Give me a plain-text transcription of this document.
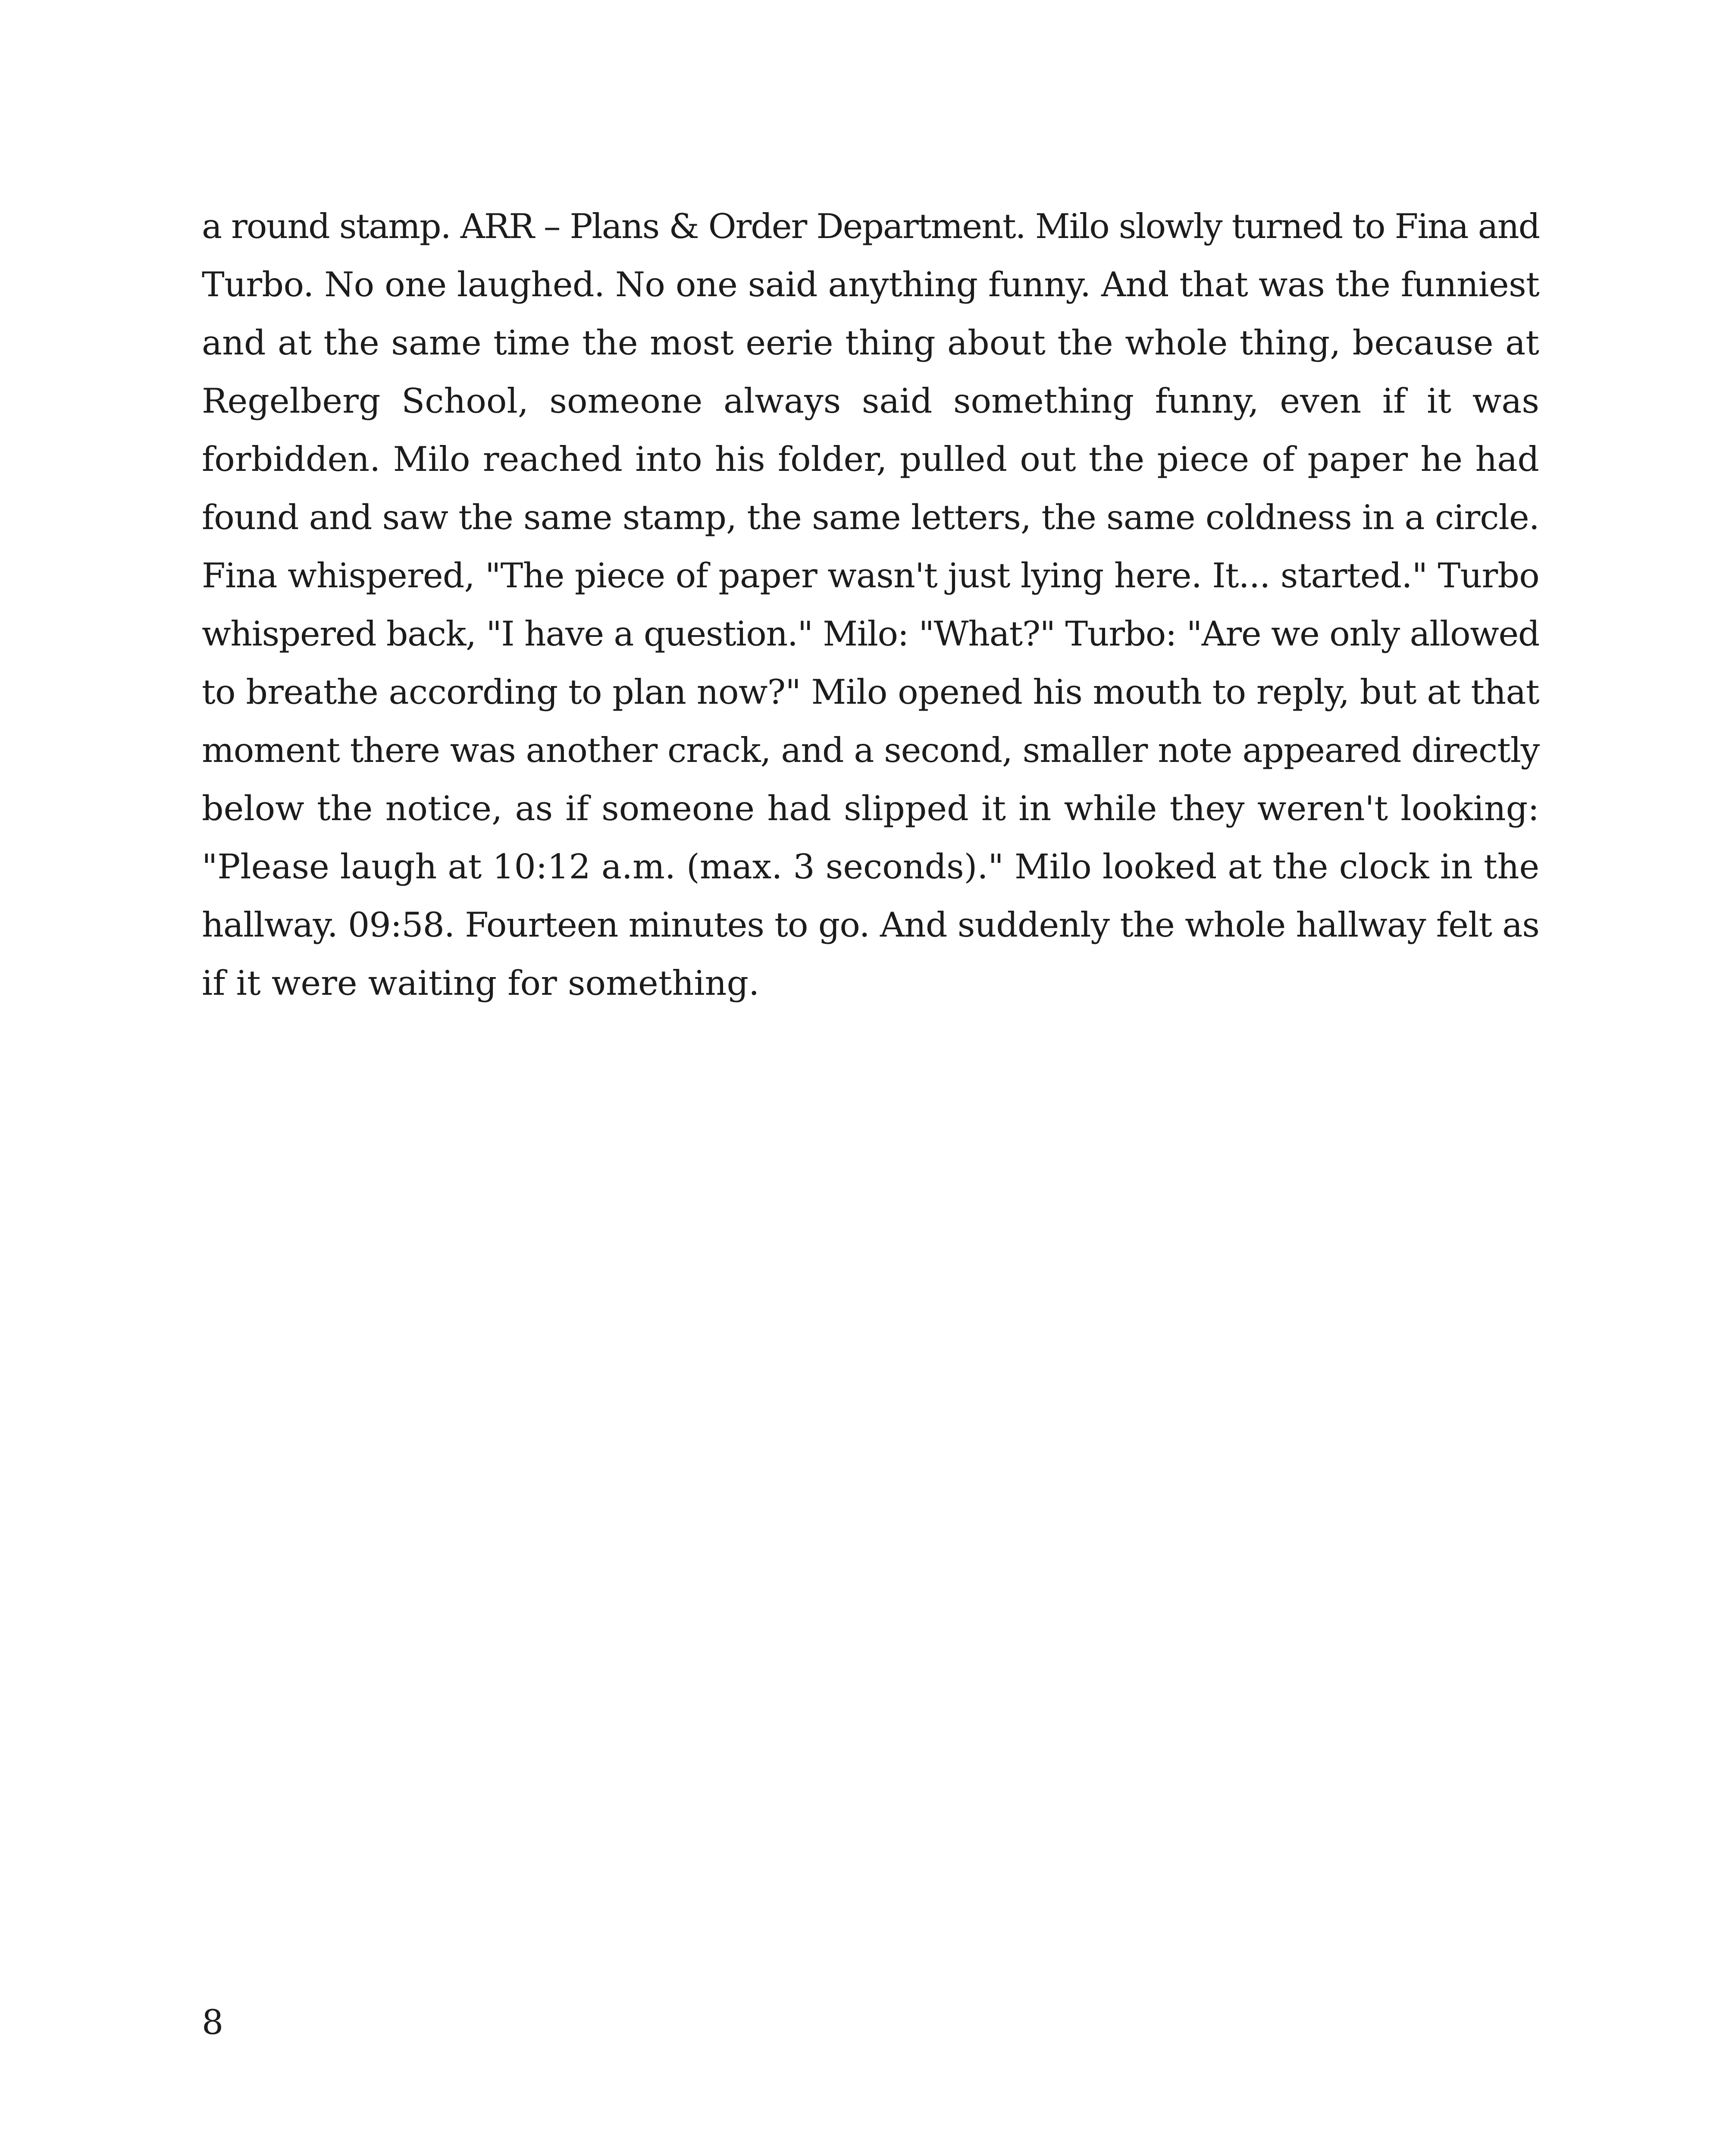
a round stamp. ARR – Plans & Order Department. Milo slowly turned to Fina and
Turbo. No one laughed. No one said anything funny. And that was the funniest
and at the same time the most eerie thing about the whole thing, because at
Regelberg School, someone always said something funny, even if it was
forbidden. Milo reached into his folder, pulled out the piece of paper he had
found and saw the same stamp, the same letters, the same coldness in a circle.
Fina whispered, "The piece of paper wasn't just lying here. It... started." Turbo
whispered back, "I have a question." Milo: "What?" Turbo: "Are we only allowed
to breathe according to plan now?" Milo opened his mouth to reply, but at that
moment there was another crack, and a second, smaller note appeared directly
below the notice, as if someone had slipped it in while they weren't looking:
"Please laugh at 10:12 a.m. (max. 3 seconds)." Milo looked at the clock in the
hallway. 09:58. Fourteen minutes to go. And suddenly the whole hallway felt as
if it were waiting for something.

8
